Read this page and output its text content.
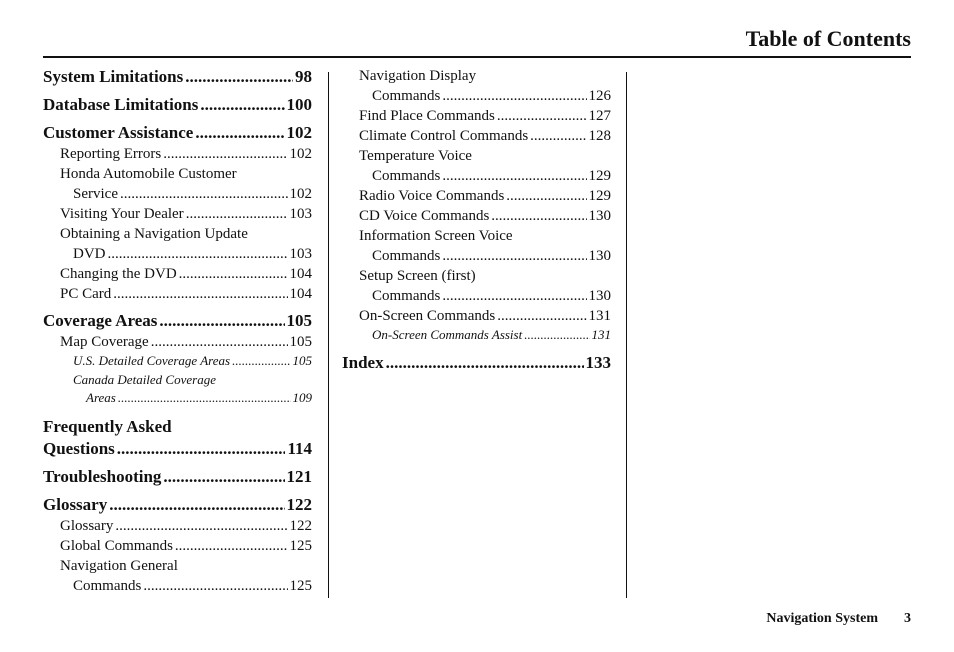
Table of Contents
System Limitations .....	98
Database Limitations .....	100
Customer Assistance .....	102
Reporting Errors .....	102
Honda Automobile Customer
Service .....	102
Visiting Your Dealer .....	103
Obtaining a Navigation Update
DVD .....	103
Changing the DVD .....	104
PC Card .....	104
Coverage Areas .....	105
Map Coverage .....	105
U.S. Detailed Coverage Areas .....	105
Canada Detailed Coverage
Areas .....	109
Frequently Asked
Questions .....	114
Troubleshooting .....	121
Glossary .....	122
Glossary .....	122
Global Commands .....	125
Navigation General
Commands .....	125
Navigation Display
Commands .....	126
Find Place Commands .....	127
Climate Control Commands .....	128
Temperature Voice
Commands .....	129
Radio Voice Commands .....	129
CD Voice Commands .....	130
Information Screen Voice
Commands .....	130
Setup Screen (first)
Commands .....	130
On-Screen Commands .....	131
On-Screen Commands Assist .....	131
Index .....	133
Navigation System 3
